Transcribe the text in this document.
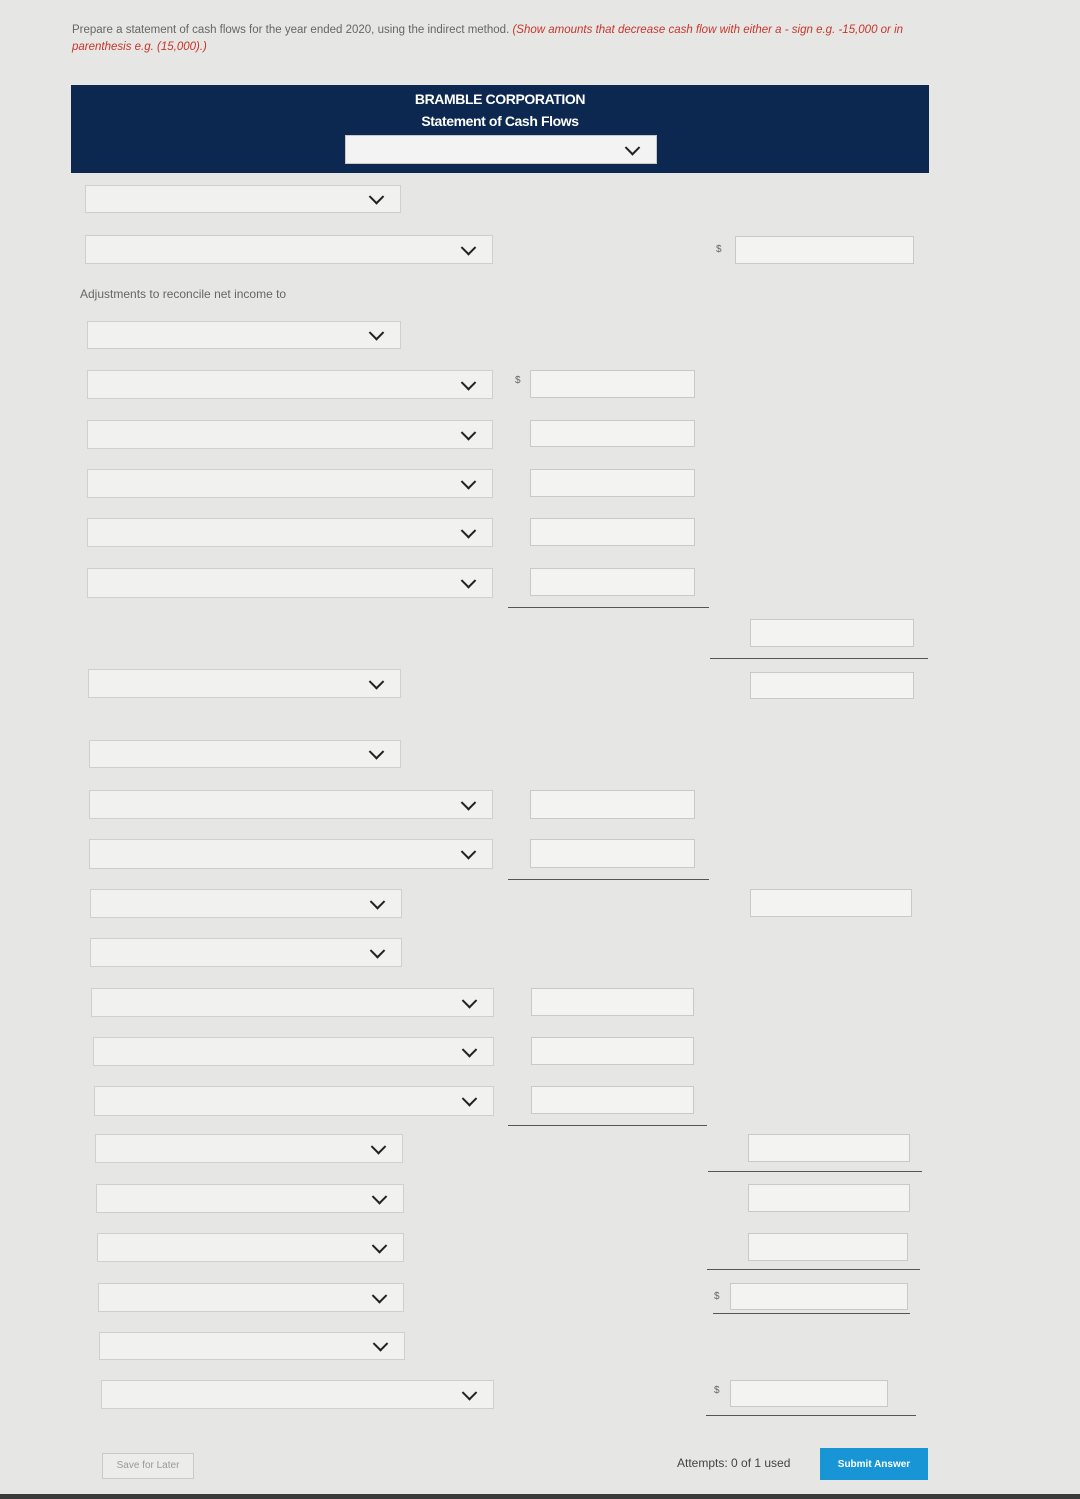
Prepare a statement of cash flows for the year ended 2020, using the indirect method. (Show amounts that decrease cash flow with either a - sign e.g. -15,000 or in parenthesis e.g. (15,000).)
BRAMBLE CORPORATION
Statement of Cash Flows
Adjustments to reconcile net income to
$
$
$
$
Save for Later	Attempts: 0 of 1 used	Submit Answer
